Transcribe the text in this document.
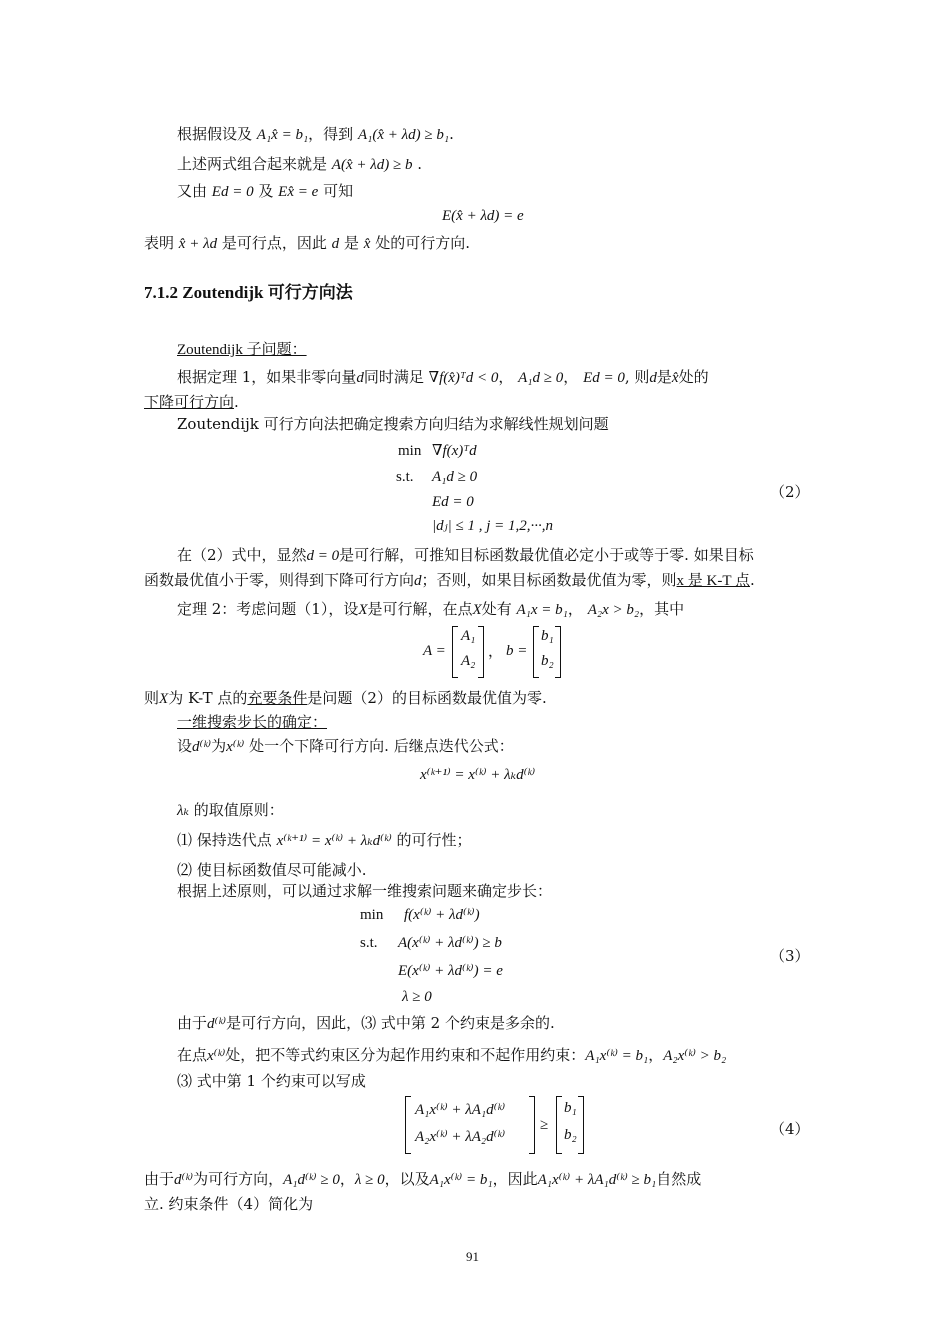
根据假设及 A₁x̂ = b₁，得到 A₁(x̂ + λd) ≥ b₁.
上述两式组合起来就是 A(x̂ + λd) ≥ b .
又由 Ed = 0 及 Ex̂ = e 可知
E(x̂ + λd) = e
表明 x̂ + λd 是可行点，因此 d 是 x̂ 处的可行方向.
7.1.2 Zoutendijk 可行方向法
Zoutendijk 子问题：
根据定理 1，如果非零向量d同时满足 ∇f(x̂)ᵀd < 0， A₁d ≥ 0， Ed = 0, 则d是x̂处的
下降可行方向.
Zoutendijk 可行方向法把确定搜索方向归结为求解线性规划问题
min ∇f(x)ᵀd
s.t. A₁d ≥ 0
Ed = 0
|dⱼ| ≤ 1 , j = 1,2,···,n
（2）
在（2）式中，显然d = 0是可行解，可推知目标函数最优值必定小于或等于零. 如果目标
函数最优值小于零，则得到下降可行方向d；否则，如果目标函数最优值为零，则x 是 K-T 点.
定理 2：考虑问题（1），设X是可行解，在点X处有 A₁x = b₁， A₂x > b₂，其中
A =
A₁
A₂
， b =
b₁
b₂
则X为 K-T 点的充要条件是问题（2）的目标函数最优值为零.
一维搜索步长的确定：
设d⁽ᵏ⁾为x⁽ᵏ⁾ 处一个下降可行方向. 后继点迭代公式：
x⁽ᵏ⁺¹⁾ = x⁽ᵏ⁾ + λₖd⁽ᵏ⁾
λₖ 的取值原则：
⑴ 保持迭代点 x⁽ᵏ⁺¹⁾ = x⁽ᵏ⁾ + λₖd⁽ᵏ⁾ 的可行性；
⑵ 使目标函数值尽可能减小.
根据上述原则，可以通过求解一维搜索问题来确定步长：
min f(x⁽ᵏ⁾ + λd⁽ᵏ⁾)
s.t. A(x⁽ᵏ⁾ + λd⁽ᵏ⁾) ≥ b
E(x⁽ᵏ⁾ + λd⁽ᵏ⁾) = e
λ ≥ 0
（3）
由于d⁽ᵏ⁾是可行方向，因此，⑶ 式中第 2 个约束是多余的.
在点x⁽ᵏ⁾处，把不等式约束区分为起作用约束和不起作用约束：A₁x⁽ᵏ⁾ = b₁，A₂x⁽ᵏ⁾ > b₂
⑶ 式中第 1 个约束可以写成
A₁x⁽ᵏ⁾ + λA₁d⁽ᵏ⁾
A₂x⁽ᵏ⁾ + λA₂d⁽ᵏ⁾
≥
b₁
b₂	（4）
由于d⁽ᵏ⁾为可行方向，A₁d⁽ᵏ⁾ ≥ 0，λ ≥ 0，以及A₁x⁽ᵏ⁾ = b₁，因此A₁x⁽ᵏ⁾ + λA₁d⁽ᵏ⁾ ≥ b₁自然成
立. 约束条件（4）简化为
91
